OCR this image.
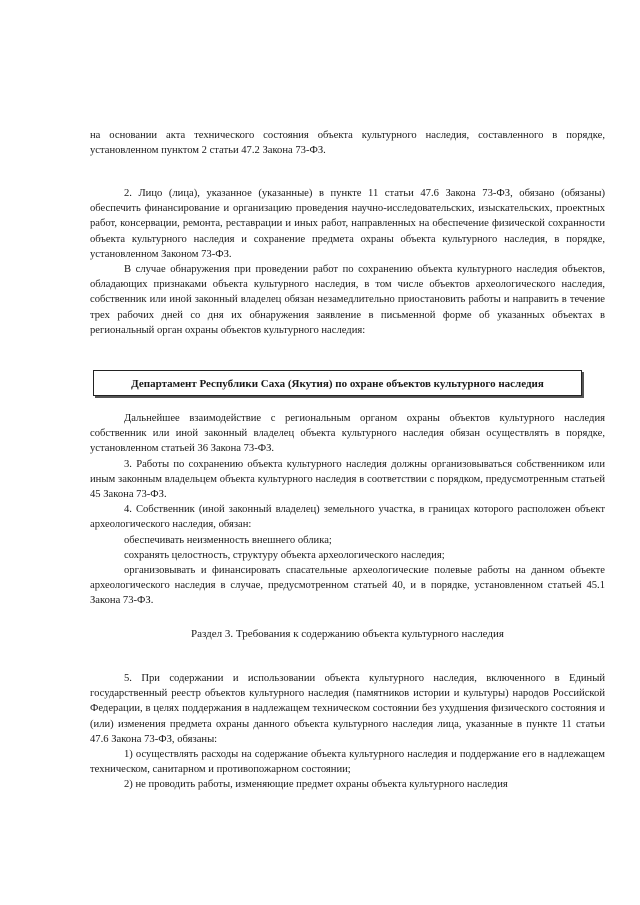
на основании акта технического состояния объекта культурного наследия, составленного в порядке, установленном пунктом 2 статьи 47.2 Закона 73-ФЗ.

2. Лицо (лица), указанное (указанные) в пункте 11 статьи 47.6 Закона 73-ФЗ, обязано (обязаны) обеспечить финансирование и организацию проведения научно-исследовательских, изыскательских, проектных работ, консервации, ремонта, реставрации и иных работ, направленных на обеспечение физической сохранности объекта культурного наследия и сохранение предмета охраны объекта культурного наследия, в порядке, установленном Законом 73-ФЗ.

В случае обнаружения при проведении работ по сохранению объекта культурного наследия объектов, обладающих признаками объекта культурного наследия, в том числе объектов археологического наследия, собственник или иной законный владелец обязан незамедлительно приостановить работы и направить в течение трех рабочих дней со дня их обнаружения заявление в письменной форме об указанных объектах в региональный орган охраны объектов культурного наследия:

Департамент Республики Саха (Якутия) по охране объектов культурного наследия

Дальнейшее взаимодействие с региональным органом охраны объектов культурного наследия собственник или иной законный владелец объекта культурного наследия обязан осуществлять в порядке, установленном статьей 36 Закона 73-ФЗ.

3. Работы по сохранению объекта культурного наследия должны организовываться собственником или иным законным владельцем объекта культурного наследия в соответствии с порядком, предусмотренным статьей 45 Закона 73-ФЗ.

4. Собственник (иной законный владелец) земельного участка, в границах которого расположен объект археологического наследия, обязан:

обеспечивать неизменность внешнего облика;

сохранять целостность, структуру объекта археологического наследия;

организовывать и финансировать спасательные археологические полевые работы на данном объекте археологического наследия в случае, предусмотренном статьей 40, и в порядке, установленном статьей 45.1 Закона 73-ФЗ.

Раздел 3. Требования к содержанию объекта культурного наследия

5. При содержании и использовании объекта культурного наследия, включенного в Единый государственный реестр объектов культурного наследия (памятников истории и культуры) народов Российской Федерации, в целях поддержания в надлежащем техническом состоянии без ухудшения физического состояния и (или) изменения предмета охраны данного объекта культурного наследия лица, указанные в пункте 11 статьи 47.6 Закона 73-ФЗ, обязаны:

1) осуществлять расходы на содержание объекта культурного наследия и поддержание его в надлежащем техническом, санитарном и противопожарном состоянии;

2) не проводить работы, изменяющие предмет охраны объекта культурного наследия
